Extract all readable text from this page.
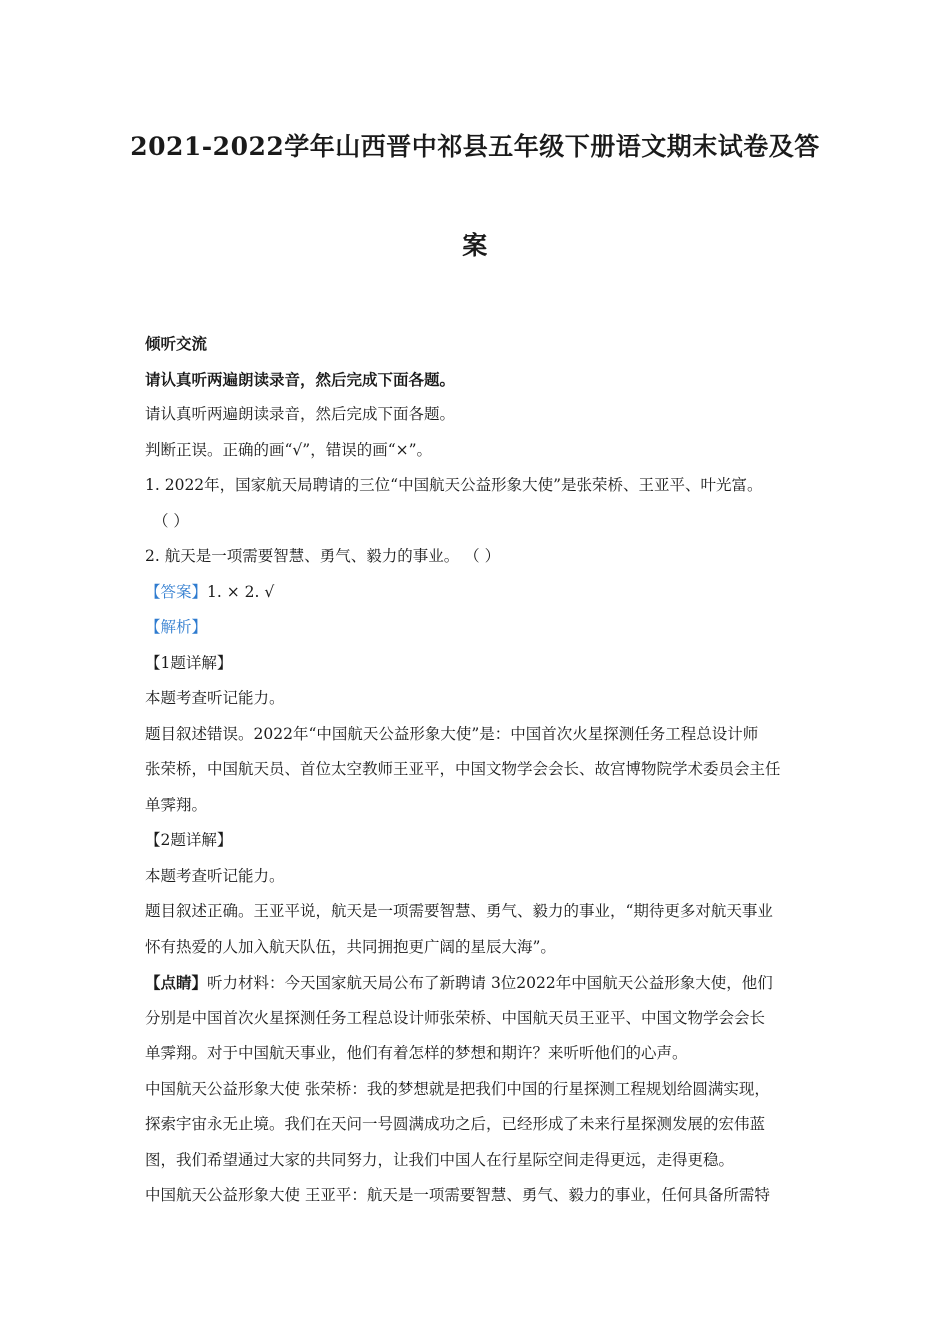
2021-2022学年山西晋中祁县五年级下册语文期末试卷及答
案
倾听交流
请认真听两遍朗读录音，然后完成下面各题。
请认真听两遍朗读录音，然后完成下面各题。
判断正误。正确的画“√”，错误的画“×”。
1. 2022年，国家航天局聘请的三位“中国航天公益形象大使”是张荣桥、王亚平、叶光富。
（ ）
2. 航天是一项需要智慧、勇气、毅力的事业。 （ ）
【答案】1. × 2. √
【解析】
【1题详解】
本题考查听记能力。
题目叙述错误。2022年“中国航天公益形象大使”是：中国首次火星探测任务工程总设计师
张荣桥，中国航天员、首位太空教师王亚平，中国文物学会会长、故宫博物院学术委员会主任
单霁翔。
【2题详解】
本题考查听记能力。
题目叙述正确。王亚平说，航天是一项需要智慧、勇气、毅力的事业，“期待更多对航天事业
怀有热爱的人加入航天队伍，共同拥抱更广阔的星辰大海”。
【点睛】听力材料：今天国家航天局公布了新聘请 3位2022年中国航天公益形象大使，他们
分别是中国首次火星探测任务工程总设计师张荣桥、中国航天员王亚平、中国文物学会会长
单霁翔。对于中国航天事业，他们有着怎样的梦想和期许？来听听他们的心声。
中国航天公益形象大使 张荣桥：我的梦想就是把我们中国的行星探测工程规划给圆满实现，
探索宇宙永无止境。我们在天问一号圆满成功之后，已经形成了未来行星探测发展的宏伟蓝
图，我们希望通过大家的共同努力，让我们中国人在行星际空间走得更远，走得更稳。
中国航天公益形象大使 王亚平：航天是一项需要智慧、勇气、毅力的事业，任何具备所需特
